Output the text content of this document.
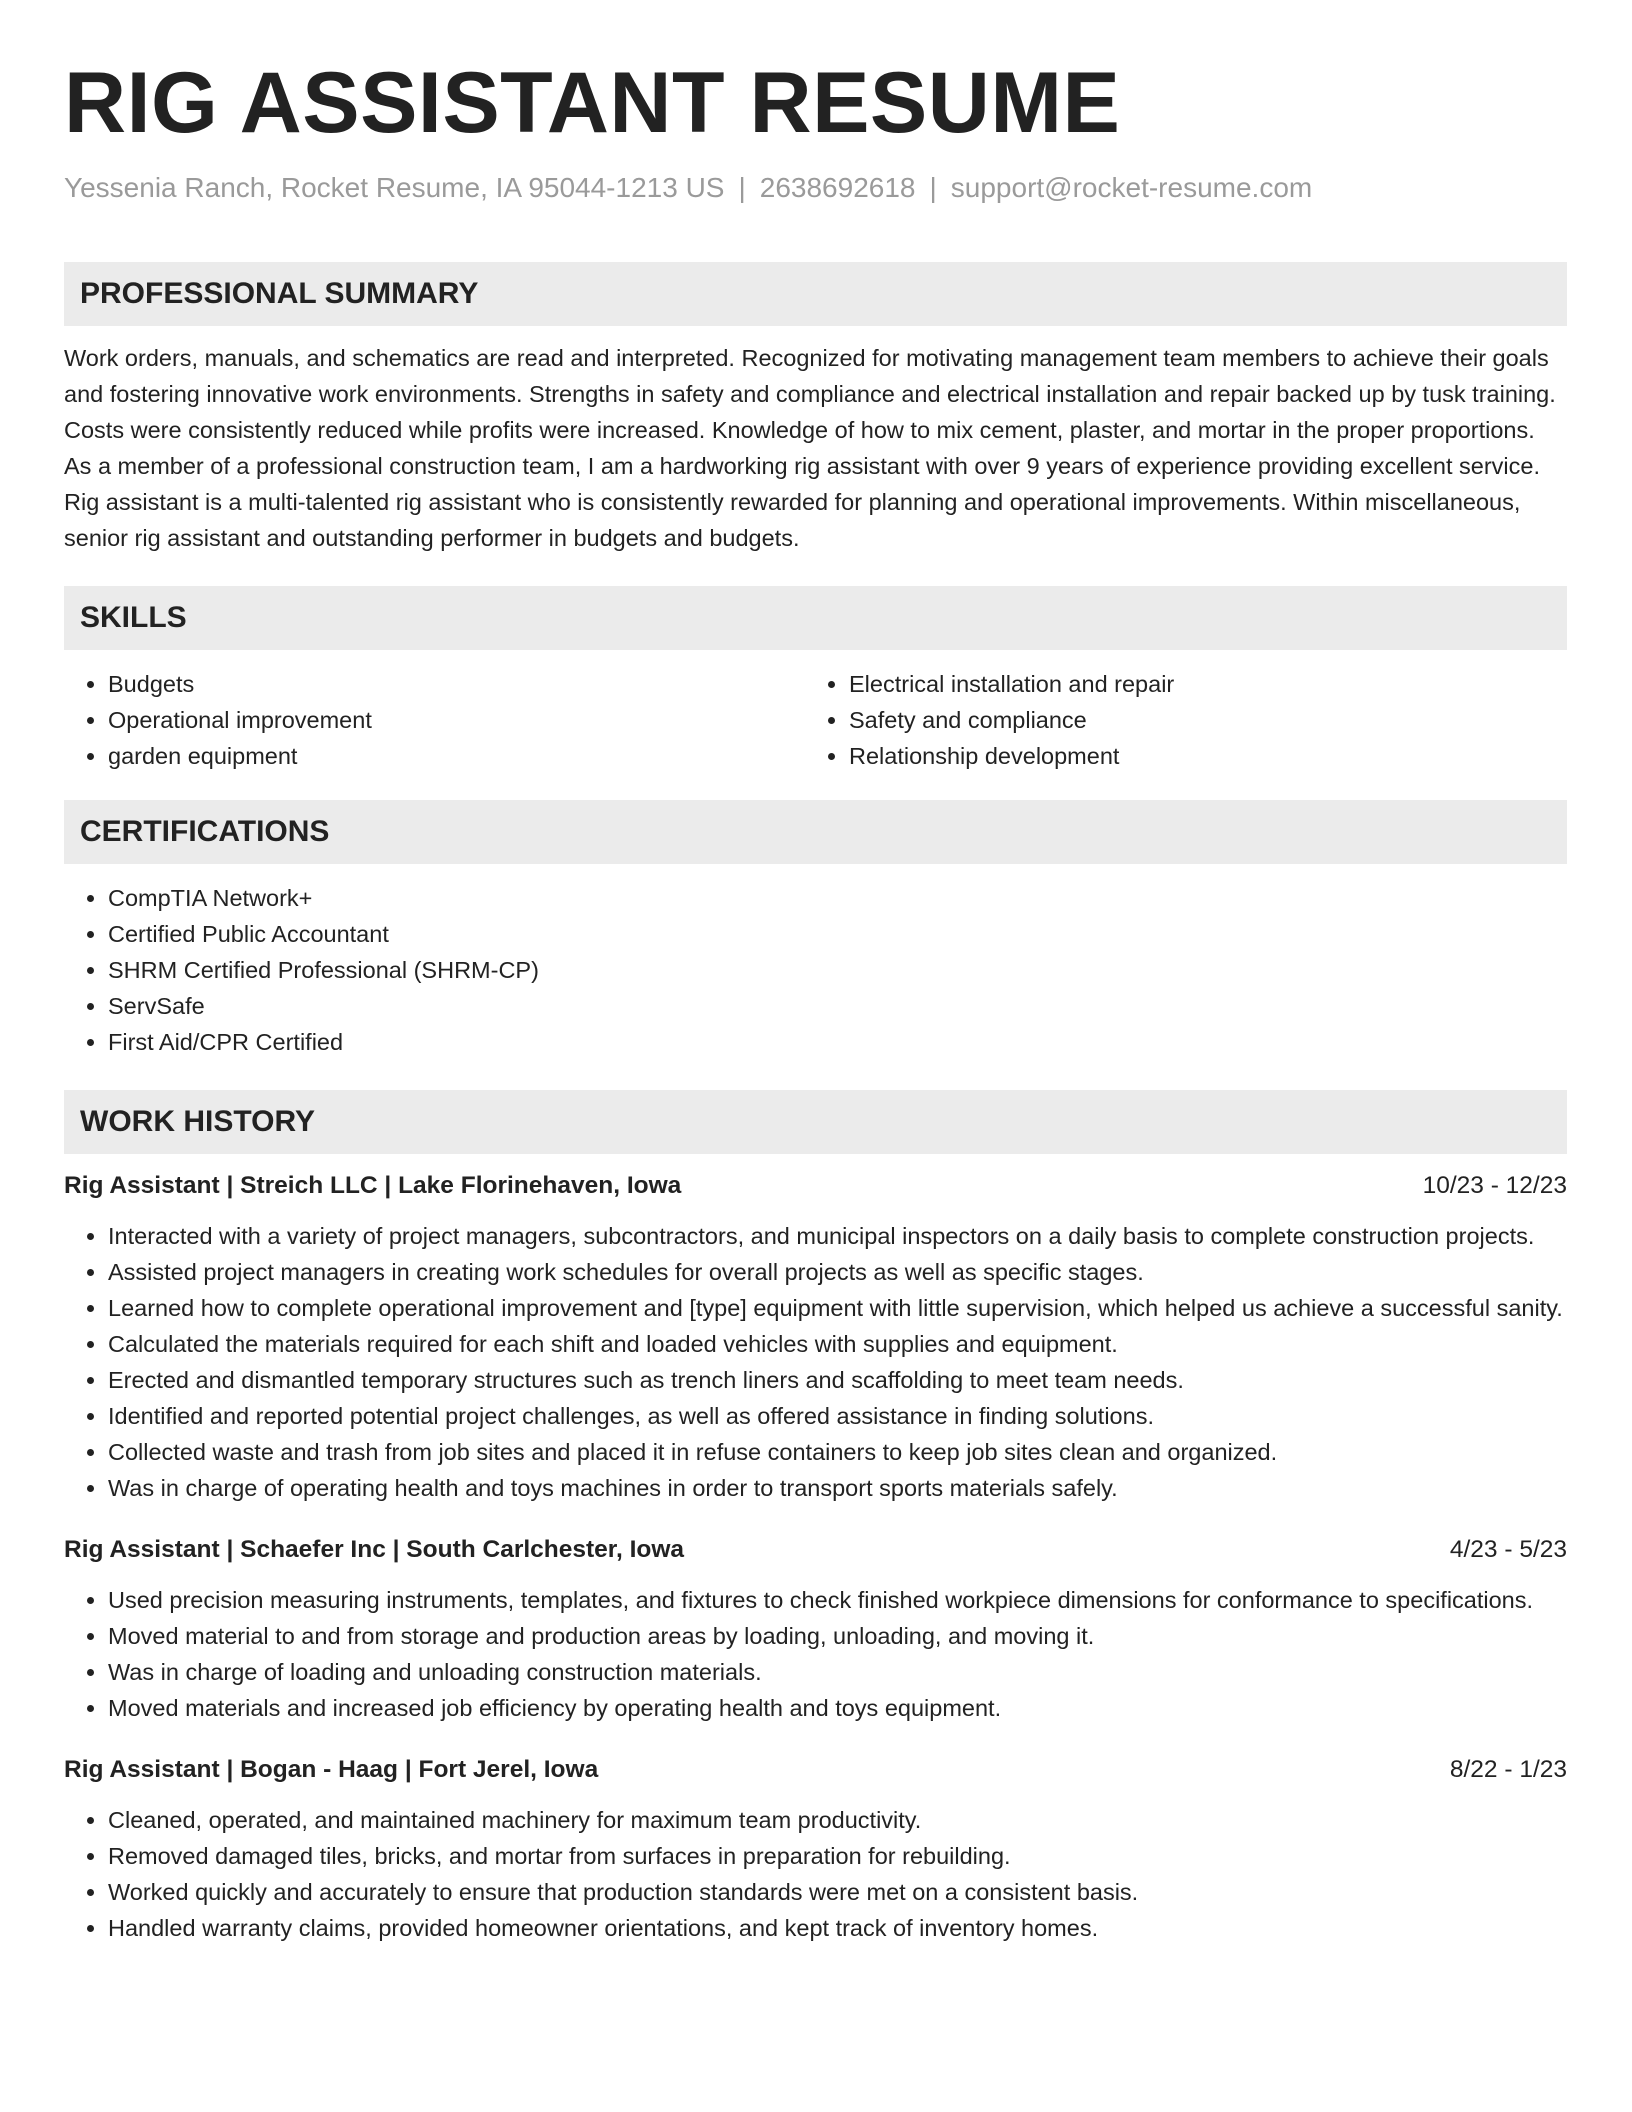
RIG ASSISTANT RESUME
Yessenia Ranch, Rocket Resume, IA 95044-1213 US | 2638692618 | support@rocket-resume.com
PROFESSIONAL SUMMARY

Work orders, manuals, and schematics are read and interpreted. Recognized for motivating management team members to achieve their goals and fostering innovative work environments. Strengths in safety and compliance and electrical installation and repair backed up by tusk training. Costs were consistently reduced while profits were increased. Knowledge of how to mix cement, plaster, and mortar in the proper proportions. As a member of a professional construction team, I am a hardworking rig assistant with over 9 years of experience providing excellent service. Rig assistant is a multi-talented rig assistant who is consistently rewarded for planning and operational improvements. Within miscellaneous, senior rig assistant and outstanding performer in budgets and budgets.

SKILLS
• Budgets
• Operational improvement
• garden equipment
• Electrical installation and repair
• Safety and compliance
• Relationship development
CERTIFICATIONS
• CompTIA Network+
• Certified Public Accountant
• SHRM Certified Professional (SHRM-CP)
• ServSafe
• First Aid/CPR Certified
WORK HISTORY
Rig Assistant | Streich LLC | Lake Florinehaven, Iowa	10/23 - 12/23
• Interacted with a variety of project managers, subcontractors, and municipal inspectors on a daily basis to complete construction projects.
• Assisted project managers in creating work schedules for overall projects as well as specific stages.
• Learned how to complete operational improvement and [type] equipment with little supervision, which helped us achieve a successful sanity.
• Calculated the materials required for each shift and loaded vehicles with supplies and equipment.
• Erected and dismantled temporary structures such as trench liners and scaffolding to meet team needs.
• Identified and reported potential project challenges, as well as offered assistance in finding solutions.
• Collected waste and trash from job sites and placed it in refuse containers to keep job sites clean and organized.
• Was in charge of operating health and toys machines in order to transport sports materials safely.
Rig Assistant | Schaefer Inc | South Carlchester, Iowa	4/23 - 5/23
• Used precision measuring instruments, templates, and fixtures to check finished workpiece dimensions for conformance to specifications.
• Moved material to and from storage and production areas by loading, unloading, and moving it.
• Was in charge of loading and unloading construction materials.
• Moved materials and increased job efficiency by operating health and toys equipment.
Rig Assistant | Bogan - Haag | Fort Jerel, Iowa	8/22 - 1/23
• Cleaned, operated, and maintained machinery for maximum team productivity.
• Removed damaged tiles, bricks, and mortar from surfaces in preparation for rebuilding.
• Worked quickly and accurately to ensure that production standards were met on a consistent basis.
• Handled warranty claims, provided homeowner orientations, and kept track of inventory homes.
